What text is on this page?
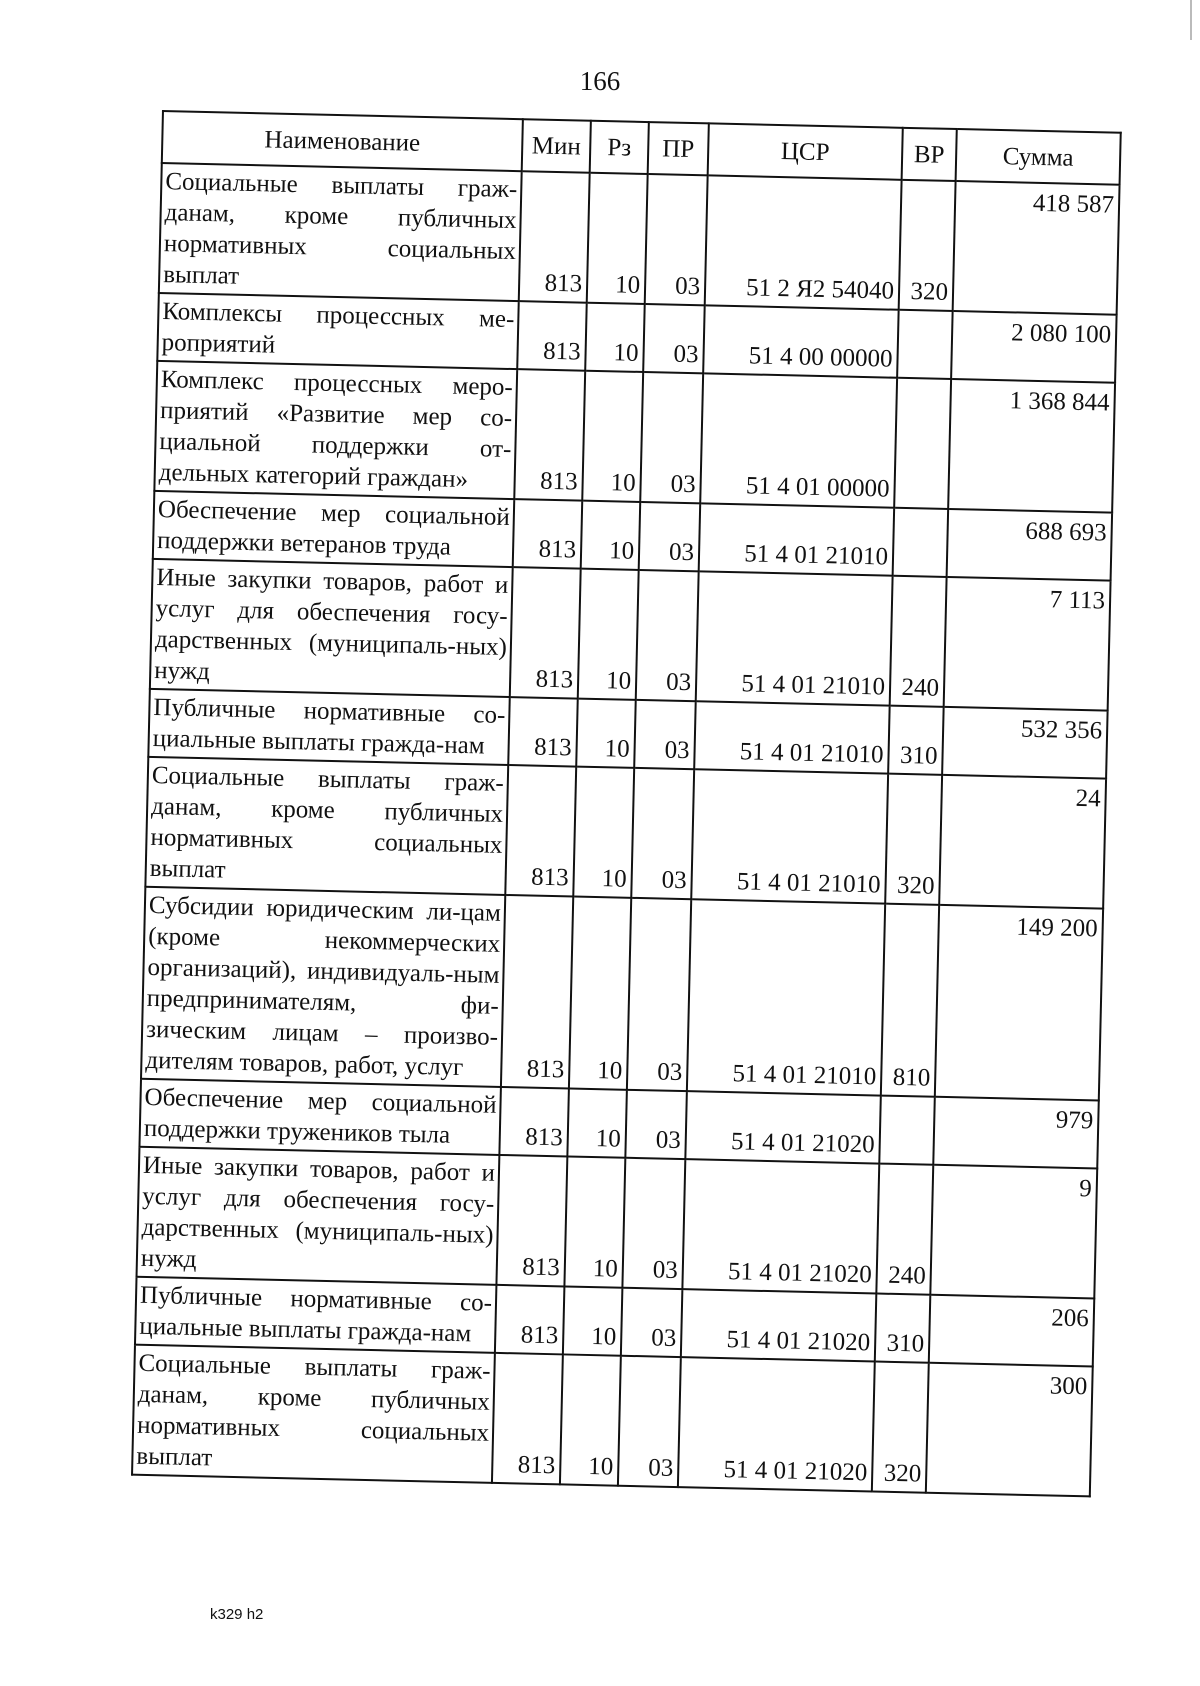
166
Наименование	Мин	Рз	ПР	ЦСР	ВР	Сумма
Социальные выплаты граж-данам, кроме публичных нормативных социальных выплат	813	10	03	51 2 Я2 54040	320	418 587
Комплексы процессных ме-роприятий	813	10	03	51 4 00 00000		2 080 100
Комплекс процессных меро-приятий «Развитие мер со-циальной поддержки от-дельных категорий граждан»	813	10	03	51 4 01 00000		1 368 844
Обеспечение мер социальной поддержки ветеранов труда	813	10	03	51 4 01 21010		688 693
Иные закупки товаров, работ и услуг для обеспечения госу-дарственных (муниципаль-ных) нужд	813	10	03	51 4 01 21010	240	7 113
Публичные нормативные со-циальные выплаты гражда-нам	813	10	03	51 4 01 21010	310	532 356
Социальные выплаты граж-данам, кроме публичных нормативных социальных выплат	813	10	03	51 4 01 21010	320	24
Субсидии юридическим ли-цам (кроме некоммерческих организаций), индивидуаль-ным предпринимателям, фи-зическим лицам – произво-дителям товаров, работ, услуг	813	10	03	51 4 01 21010	810	149 200
Обеспечение мер социальной поддержки тружеников тыла	813	10	03	51 4 01 21020		979
Иные закупки товаров, работ и услуг для обеспечения госу-дарственных (муниципаль-ных) нужд	813	10	03	51 4 01 21020	240	9
Публичные нормативные со-циальные выплаты гражда-нам	813	10	03	51 4 01 21020	310	206
Социальные выплаты граж-данам, кроме публичных нормативных социальных выплат	813	10	03	51 4 01 21020	320	300
k329 h2
